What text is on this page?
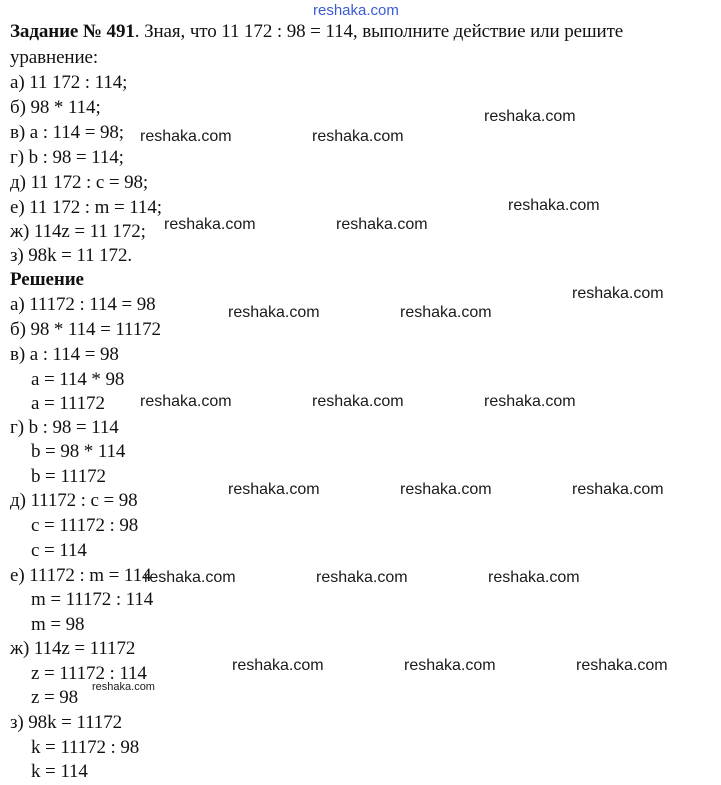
reshaka.com
Задание № 491. Зная, что 11 172 : 98 = 114, выполните действие или решите
уравнение:
а) 11 172 : 114;
б) 98 * 114;
в) a : 114 = 98;
г) b : 98 = 114;
д) 11 172 : c = 98;
е) 11 172 : m = 114;
ж) 114z = 11 172;
з) 98k = 11 172.
Решение
а) 11172 : 114 = 98
б) 98 * 114 = 11172
в) a : 114 = 98
a = 114 * 98
a = 11172
г) b : 98 = 114
b = 98 * 114
b = 11172
д) 11172 : c = 98
c = 11172 : 98
c = 114
е) 11172 : m = 114
m = 11172 : 114
m = 98
ж) 114z = 11172
z = 11172 : 114
z = 98
з) 98k = 11172
k = 11172 : 98
k = 114
reshaka.com
reshaka.com	reshaka.com
reshaka.com
reshaka.com	reshaka.com
reshaka.com
reshaka.com	reshaka.com
reshaka.com	reshaka.com	reshaka.com
reshaka.com	reshaka.com	reshaka.com
reshaka.com	reshaka.com	reshaka.com
reshaka.com	reshaka.com	reshaka.com
reshaka.com
